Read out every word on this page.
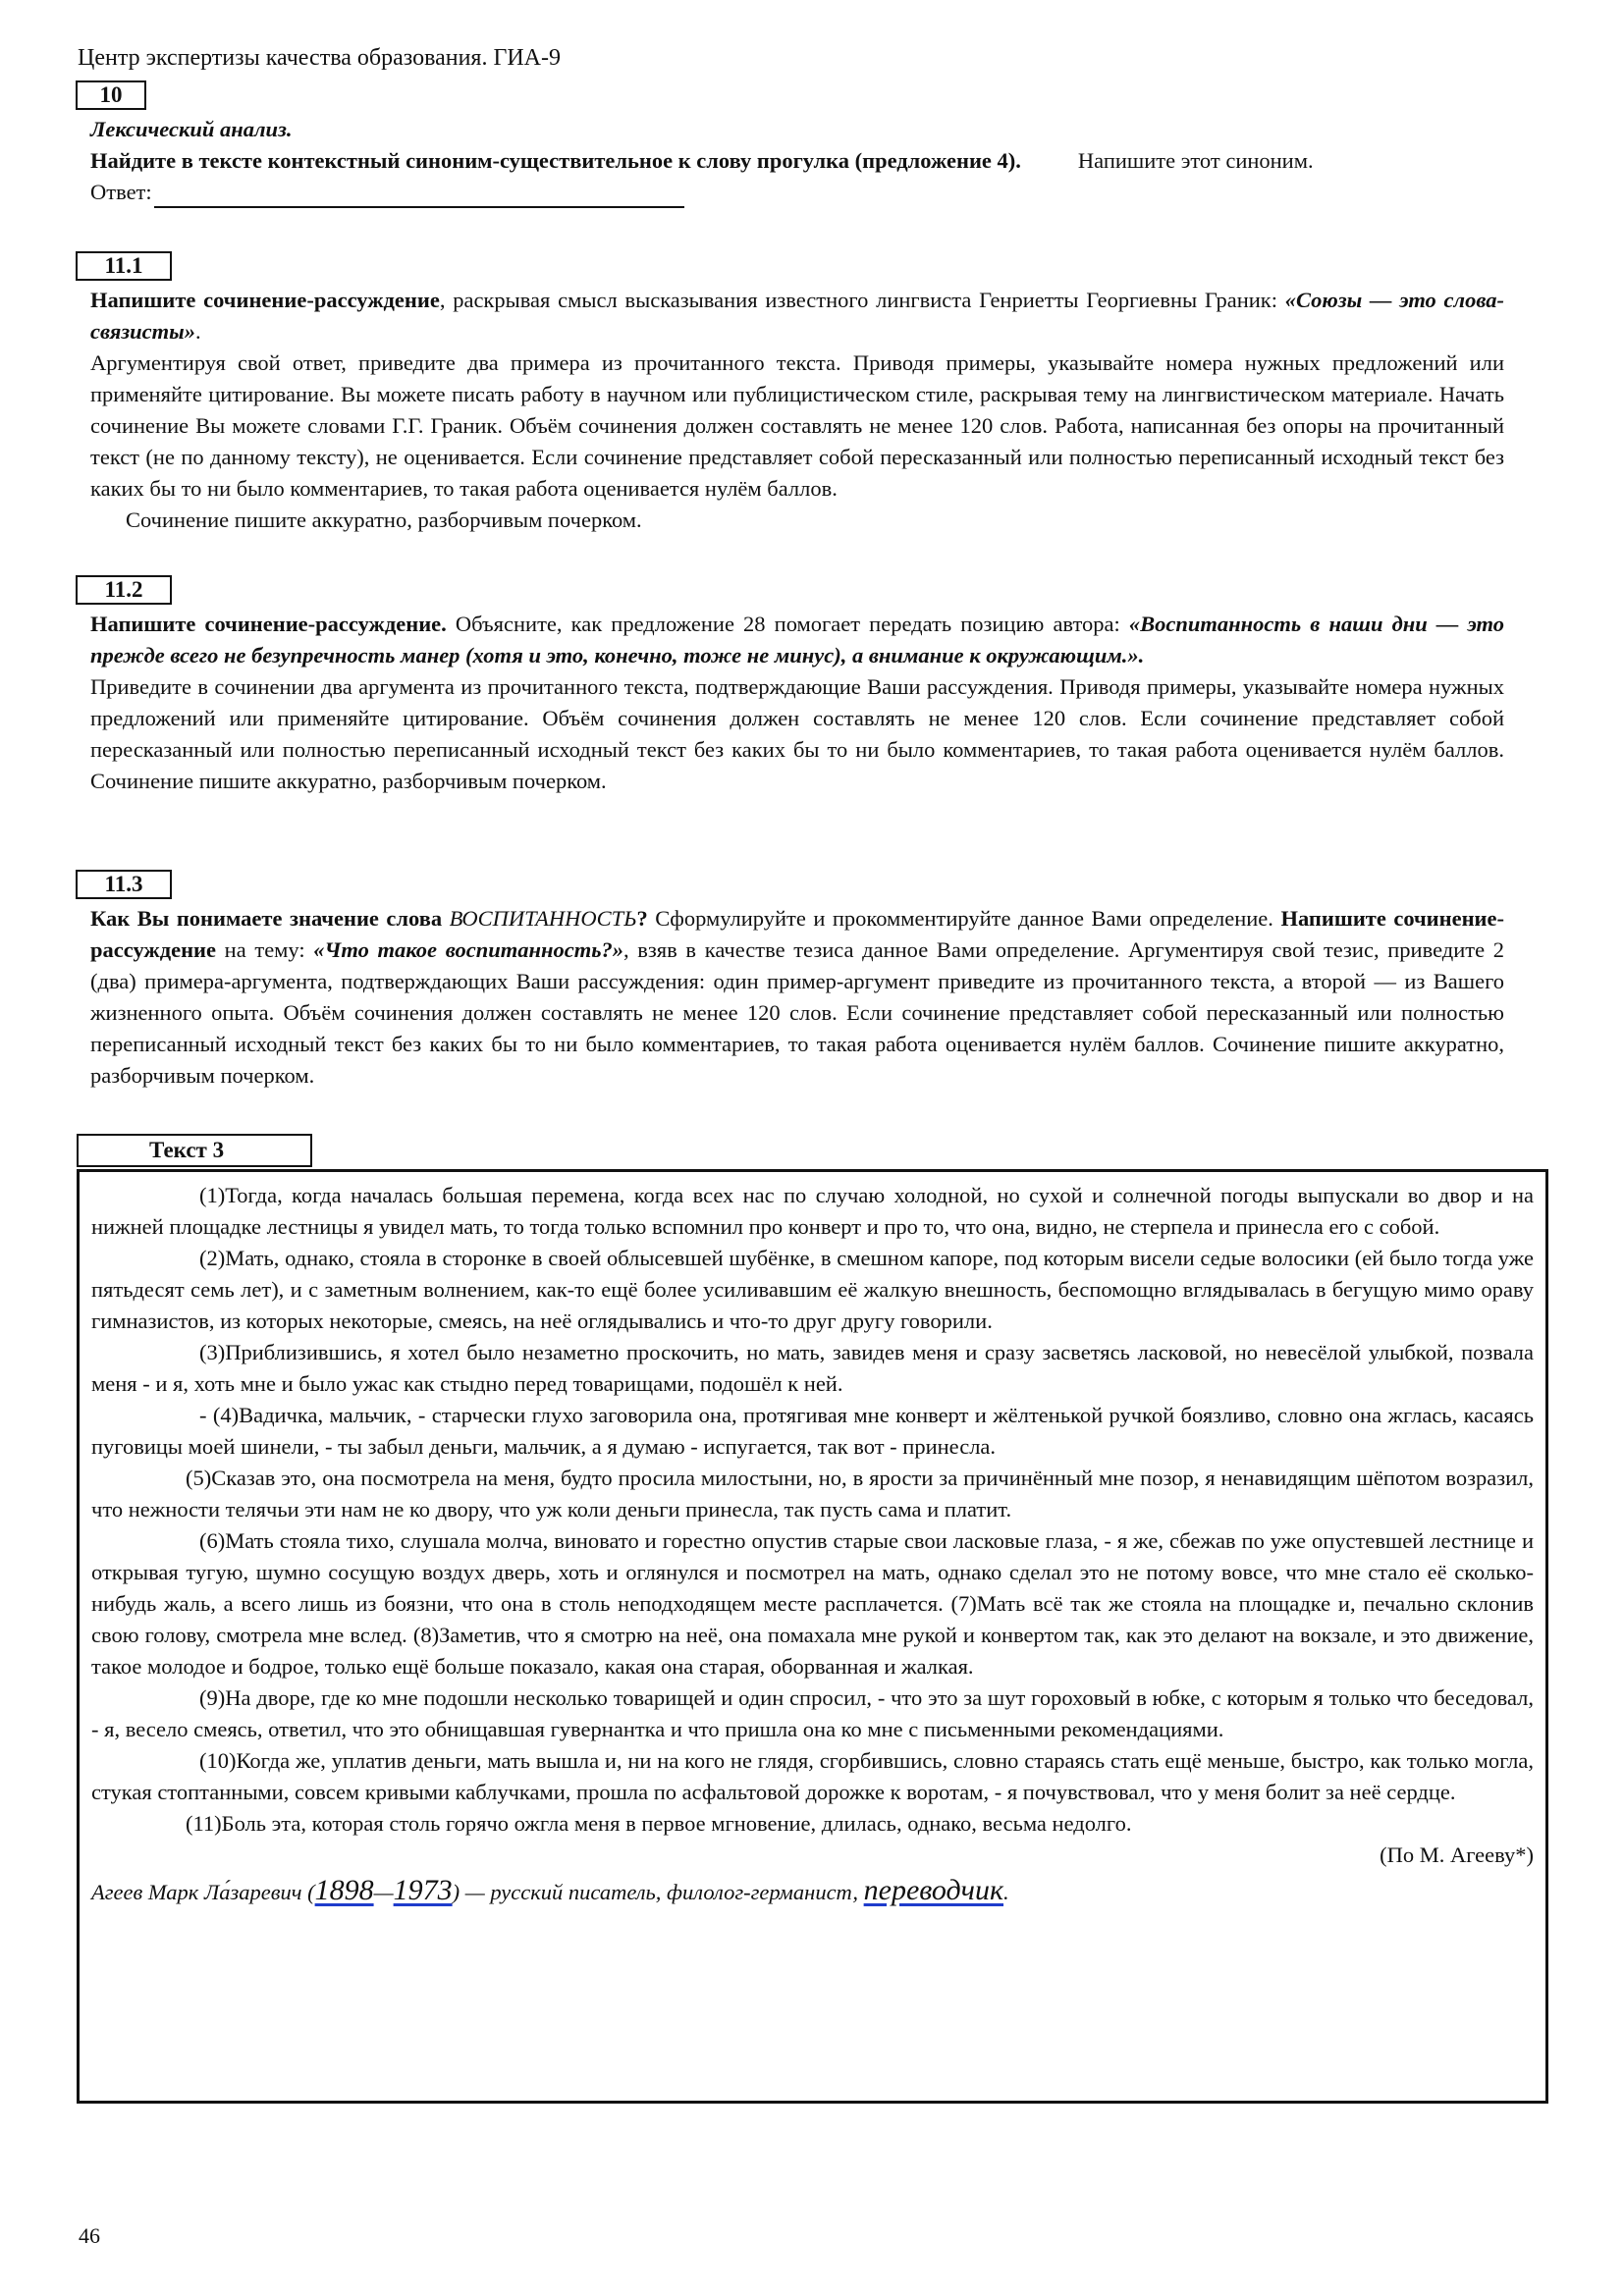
Центр экспертизы качества образования. ГИА-9
10

Лексический анализ.

Найдите в тексте контекстный синоним-существительное к слову прогулка (предложение 4).	Напишите этот синоним.

Ответ:

11.1

Напишите сочинение-рассуждение, раскрывая смысл высказывания известного лингвиста Генриетты Георгиевны Граник: «Союзы — это слова-связисты».

Аргументируя свой ответ, приведите два примера из прочитанного текста. Приводя примеры, указывайте номера нужных предложений или применяйте цитирование. Вы можете писать работу в научном или публицистическом стиле, раскрывая тему на лингвистическом материале. Начать сочинение Вы можете словами Г.Г. Граник. Объём сочинения должен составлять не менее 120 слов. Работа, написанная без опоры на прочитанный текст (не по данному тексту), не оценивается. Если сочинение представляет собой пересказанный или полностью переписанный исходный текст без каких бы то ни было комментариев, то такая работа оценивается нулём баллов.

Сочинение пишите аккуратно, разборчивым почерком.

11.2

Напишите сочинение-рассуждение. Объясните, как предложение 28 помогает передать позицию автора: «Воспитанность в наши дни — это прежде всего не безупречность манер (хотя и это, конечно, тоже не минус), а внимание к окружающим.».

Приведите в сочинении два аргумента из прочитанного текста, подтверждающие Ваши рассуждения. Приводя примеры, указывайте номера нужных предложений или применяйте цитирование. Объём сочинения должен составлять не менее 120 слов. Если сочинение представляет собой пересказанный или полностью переписанный исходный текст без каких бы то ни было комментариев, то такая работа оценивается нулём баллов. Сочинение пишите аккуратно, разборчивым почерком.

11.3

Как Вы понимаете значение слова ВОСПИТАННОСТЬ? Сформулируйте и прокомментируйте данное Вами определение. Напишите сочинение-рассуждение на тему: «Что такое воспитанность?», взяв в качестве тезиса данное Вами определение. Аргументируя свой тезис, приведите 2 (два) примера-аргумента, подтверждающих Ваши рассуждения: один пример-аргумент приведите из прочитанного текста, а второй — из Вашего жизненного опыта. Объём сочинения должен составлять не менее 120 слов. Если сочинение представляет собой пересказанный или полностью переписанный исходный текст без каких бы то ни было комментариев, то такая работа оценивается нулём баллов. Сочинение пишите аккуратно, разборчивым почерком.

Текст 3

(1)Тогда, когда началась большая перемена, когда всех нас по случаю холодной, но сухой и солнечной погоды выпускали во двор и на нижней площадке лестницы я увидел мать, то тогда только вспомнил про конверт и про то, что она, видно, не стерпела и принесла его с собой.

(2)Мать, однако, стояла в сторонке в своей облысевшей шубёнке, в смешном капоре, под которым висели седые волосики (ей было тогда уже пятьдесят семь лет), и с заметным волнением, как-то ещё более усиливавшим её жалкую внешность, беспомощно вглядывалась в бегущую мимо ораву гимназистов, из которых некоторые, смеясь, на неё оглядывались и что-то друг другу говорили.

(3)Приблизившись, я хотел было незаметно проскочить, но мать, завидев меня и сразу засветясь ласковой, но невесёлой улыбкой, позвала меня - и я, хоть мне и было ужас как стыдно перед товарищами, подошёл к ней.

- (4)Вадичка, мальчик, - старчески глухо заговорила она, протягивая мне конверт и жёлтенькой ручкой боязливо, словно она жглась, касаясь пуговицы моей шинели, - ты забыл деньги, мальчик, а я думаю - испугается, так вот - принесла.

(5)Сказав это, она посмотрела на меня, будто просила милостыни, но, в ярости за причинённый мне позор, я ненавидящим шёпотом возразил, что нежности телячьи эти нам не ко двору, что уж коли деньги принесла, так пусть сама и платит.

(6)Мать стояла тихо, слушала молча, виновато и горестно опустив старые свои ласковые глаза, - я же, сбежав по уже опустевшей лестнице и открывая тугую, шумно сосущую воздух дверь, хоть и оглянулся и посмотрел на мать, однако сделал это не потому вовсе, что мне стало её сколько-нибудь жаль, а всего лишь из боязни, что она в столь неподходящем месте расплачется. (7)Мать всё так же стояла на площадке и, печально склонив свою голову, смотрела мне вслед. (8)Заметив, что я смотрю на неё, она помахала мне рукой и конвертом так, как это делают на вокзале, и это движение, такое молодое и бодрое, только ещё больше показало, какая она старая, оборванная и жалкая.

(9)На дворе, где ко мне подошли несколько товарищей и один спросил, - что это за шут гороховый в юбке, с которым я только что беседовал, - я, весело смеясь, ответил, что это обнищавшая гувернантка и что пришла она ко мне с письменными рекомендациями.

(10)Когда же, уплатив деньги, мать вышла и, ни на кого не глядя, сгорбившись, словно стараясь стать ещё меньше, быстро, как только могла, стукая стоптанными, совсем кривыми каблучками, прошла по асфальтовой дорожке к воротам, - я почувствовал, что у меня болит за неё сердце.

(11)Боль эта, которая столь горячо ожгла меня в первое мгновение, длилась, однако, весьма недолго.

(По М. Агееву*)

Агеев Марк Ла́заревич (1898—1973) — русский писатель, филолог-германист, переводчик.

46
